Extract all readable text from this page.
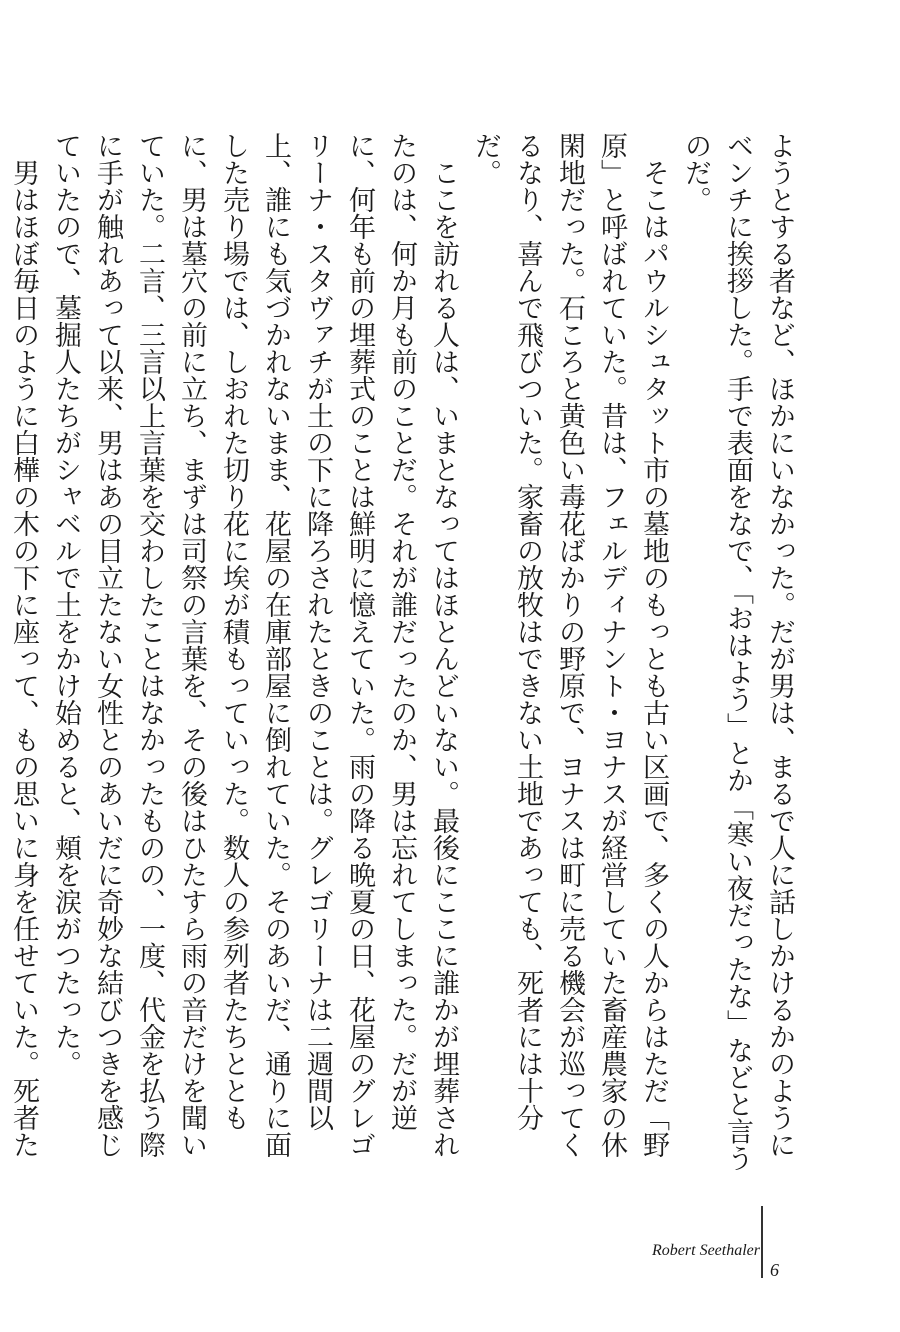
ようとする者など、ほかにいなかった。だが男は、まるで人に話しかけるかのようにベンチに挨拶した。手で表面をなで、「おはよう」とか「寒い夜だったな」などと言うのだ。

そこはパウルシュタット市の墓地のもっとも古い区画で、多くの人からはただ「野原」と呼ばれていた。昔は、フェルディナント・ヨナスが経営していた畜産農家の休閑地だった。石ころと黄色い毒花ばかりの野原で、ヨナスは町に売る機会が巡ってくるなり、喜んで飛びついた。家畜の放牧はできない土地であっても、死者には十分だ。

ここを訪れる人は、いまとなってはほとんどいない。最後にここに誰かが埋葬されたのは、何か月も前のことだ。それが誰だったのか、男は忘れてしまった。だが逆に、何年も前の埋葬式のことは鮮明に憶えていた。雨の降る晩夏の日、花屋のグレゴリーナ・スタヴァチが土の下に降ろされたときのことは。グレゴリーナは二週間以上、誰にも気づかれないまま、花屋の在庫部屋に倒れていた。そのあいだ、通りに面した売り場では、しおれた切り花に埃が積もっていった。数人の参列者たちとともに、男は墓穴の前に立ち、まずは司祭の言葉を、その後はひたすら雨の音だけを聞いていた。二言、三言以上言葉を交わしたことはなかったものの、一度、代金を払う際に手が触れあって以来、男はあの目立たない女性とのあいだに奇妙な結びつきを感じていたので、墓掘人たちがシャベルで土をかけ始めると、頬を涙がつたった。

男はほぼ毎日のように白樺の木の下に座って、もの思いに身を任せていた。死者た

Robert Seethaler
6
